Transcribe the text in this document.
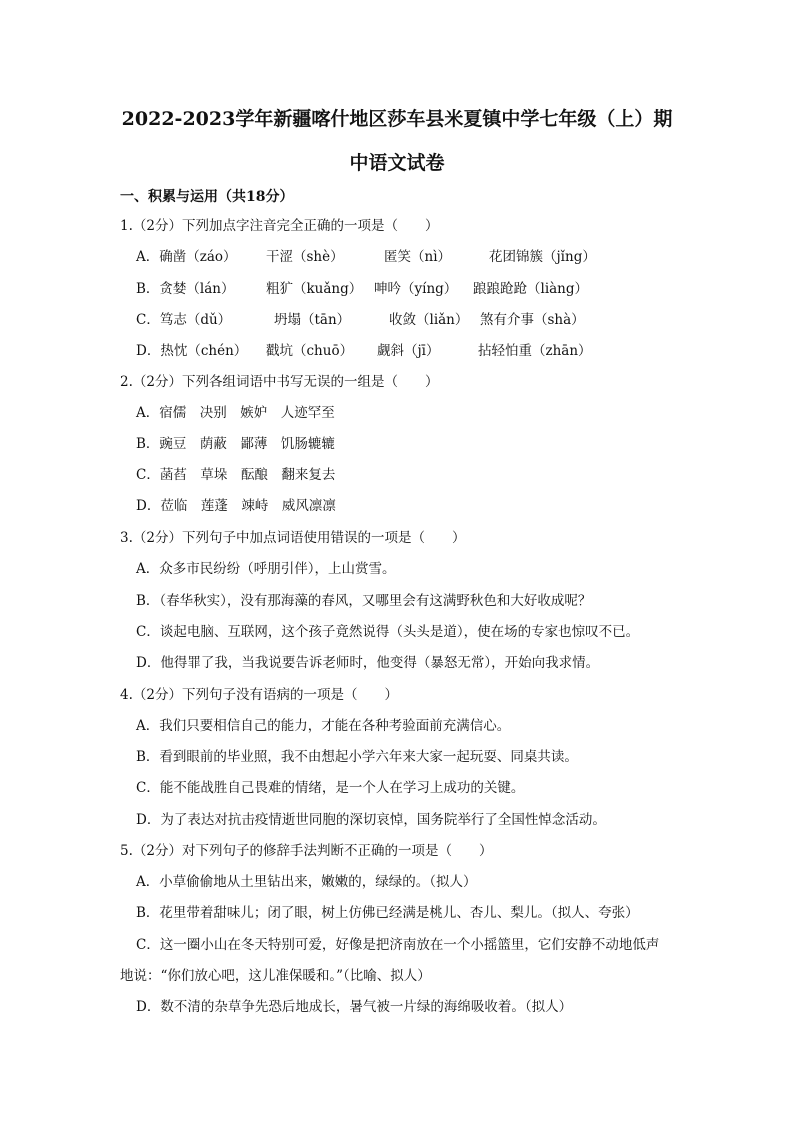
2022-2023学年新疆喀什地区莎车县米夏镇中学七年级（上）期
中语文试卷
一、积累与运用（共18分）
1.（2分）下列加点字注音完全正确的一项是（　　）
A．确凿（záo） 干涩（shè）	匿笑（nì）	花团锦簇（jǐng）
B．贪婪（lán） 粗犷（kuǎng） 呻吟（yíng） 踉踉跄跄（liàng）
C．笃志（dǔ）	坍塌（tān）	收敛（liǎn） 煞有介事（shà）
D．热忱（chén） 戳坑（chuō） 觑斜（jī）	拈轻怕重（zhān）
2.（2分）下列各组词语中书写无误的一组是（　　）
A．宿儒　决别　嫉妒　人迹罕至
B．豌豆　荫蔽　鄙薄　饥肠辘辘
C．菡萏　草垛　酝酿　翻来复去
D．莅临　莲蓬　竦峙　威风凛凛
3.（2分）下列句子中加点词语使用错误的一项是（　　）
A．众多市民纷纷（呼朋引伴），上山赏雪。
B．（春华秋实），没有那海藻的春风，又哪里会有这满野秋色和大好收成呢？
C．谈起电脑、互联网，这个孩子竟然说得（头头是道），使在场的专家也惊叹不已。
D．他得罪了我，当我说要告诉老师时，他变得（暴怒无常），开始向我求情。
4.（2分）下列句子没有语病的一项是（　　）
A．我们只要相信自己的能力，才能在各种考验面前充满信心。
B．看到眼前的毕业照，我不由想起小学六年来大家一起玩耍、同桌共读。
C．能不能战胜自己畏难的情绪，是一个人在学习上成功的关键。
D．为了表达对抗击疫情逝世同胞的深切哀悼，国务院举行了全国性悼念活动。
5.（2分）对下列句子的修辞手法判断不正确的一项是（　　）
A．小草偷偷地从土里钻出来，嫩嫩的，绿绿的。（拟人）
B．花里带着甜味儿；闭了眼，树上仿佛已经满是桃儿、杏儿、梨儿。（拟人、夸张）
C．这一圈小山在冬天特别可爱，好像是把济南放在一个小摇篮里，它们安静不动地低声
地说：“你们放心吧，这儿准保暖和。”（比喻、拟人）
D．数不清的杂草争先恐后地成长，暑气被一片绿的海绵吸收着。（拟人）
